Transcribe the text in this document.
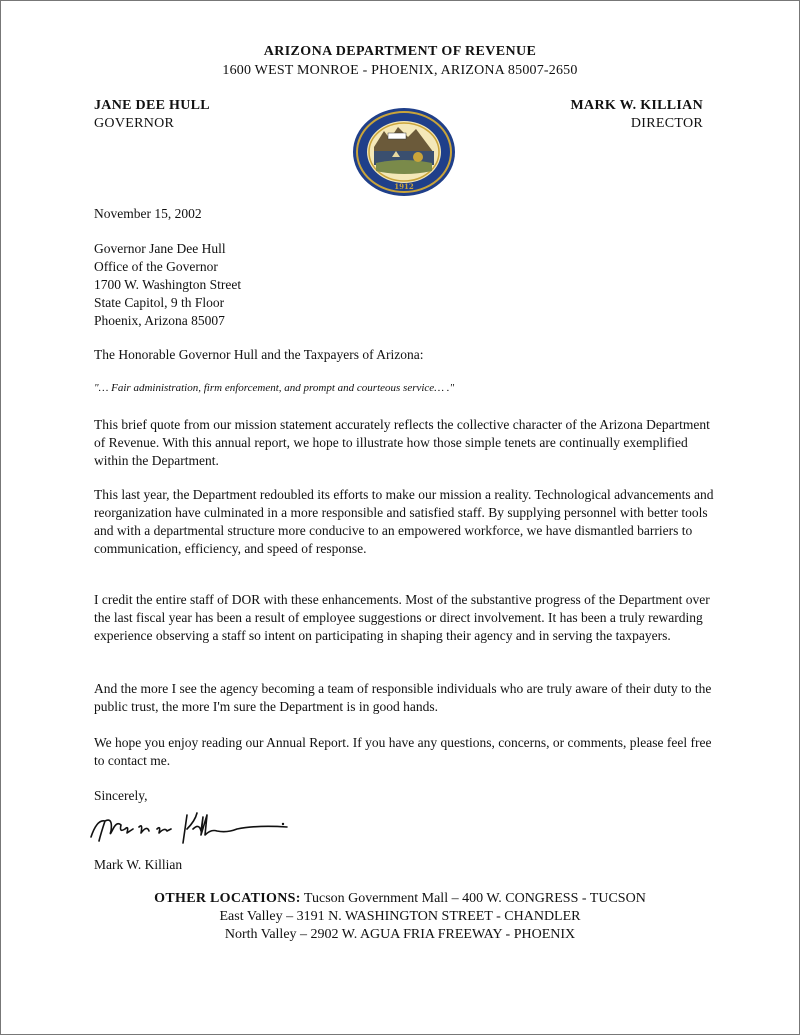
ARIZONA DEPARTMENT OF REVENUE

1600 WEST MONROE - PHOENIX, ARIZONA 85007-2650

JANE DEE HULL

GOVERNOR

MARK W. KILLIAN

DIRECTOR

1912

November 15, 2002

Governor Jane Dee Hull
Office of the Governor
1700 W. Washington Street
State Capitol, 9 th Floor
Phoenix, Arizona 85007

The Honorable Governor Hull and the Taxpayers of Arizona:

"… Fair administration, firm enforcement, and prompt and courteous service… ."

This brief quote from our mission statement accurately reflects the collective character of the Arizona Department of Revenue. With this annual report, we hope to illustrate how those simple tenets are continually exemplified within the Department.

This last year, the Department redoubled its efforts to make our mission a reality. Technological advancements and reorganization have culminated in a more responsible and satisfied staff. By supplying personnel with better tools and with a departmental structure more conducive to an empowered workforce, we have dismantled barriers to communication, efficiency, and speed of response.

I credit the entire staff of DOR with these enhancements. Most of the substantive progress of the Department over the last fiscal year has been a result of employee suggestions or direct involvement. It has been a truly rewarding experience observing a staff so intent on participating in shaping their agency and in serving the taxpayers.

And the more I see the agency becoming a team of responsible individuals who are truly aware of their duty to the public trust, the more I'm sure the Department is in good hands.

We hope you enjoy reading our Annual Report. If you have any questions, concerns, or comments, please feel free to contact me.

Sincerely,

Mark W. Killian

OTHER LOCATIONS: Tucson Government Mall – 400 W. CONGRESS - TUCSON
East Valley – 3191 N. WASHINGTON STREET - CHANDLER
North Valley – 2902 W. AGUA FRIA FREEWAY - PHOENIX
